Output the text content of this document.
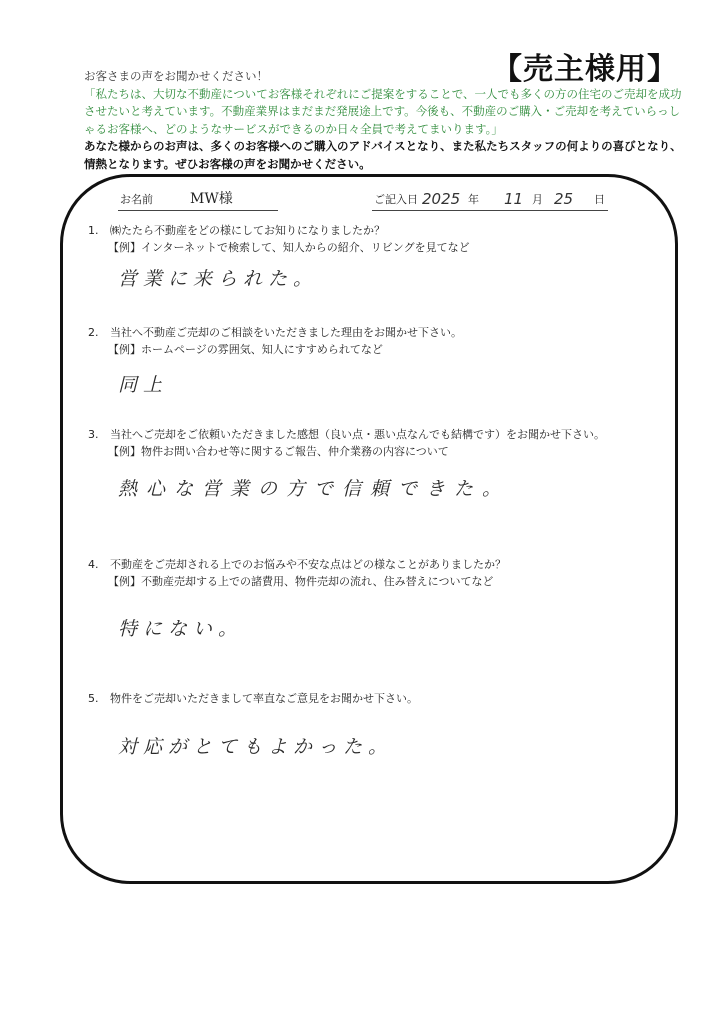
【売主様用】
お客さまの声をお聞かせください！
「私たちは、大切な不動産についてお客様それぞれにご提案をすることで、一人でも多くの方の住宅のご売却を成功させたいと考えています。不動産業界はまだまだ発展途上です。今後も、不動産のご購入・ご売却を考えていらっしゃるお客様へ、どのようなサービスができるのか日々全員で考えてまいります。」
あなた様からのお声は、多くのお客様へのご購入のアドバイスとなり、また私たちスタッフの何よりの喜びとなり、情熱となります。ぜひお客様の声をお聞かせください。
お名前	MW様	ご記入日 2025 年 11 月 25 日
1. ㈱たたら不動産をどの様にしてお知りになりましたか？
【例】インターネットで検索して、知人からの紹介、リビングを見てなど
営業に来られた。
2. 当社へ不動産ご売却のご相談をいただきました理由をお聞かせ下さい。
【例】ホームページの雰囲気、知人にすすめられてなど
同上
3. 当社へご売却をご依頼いただきました感想（良い点・悪い点なんでも結構です）をお聞かせ下さい。
【例】物件お問い合わせ等に関するご報告、仲介業務の内容について
熱心な営業の方で信頼できた。
4. 不動産をご売却される上でのお悩みや不安な点はどの様なことがありましたか？
【例】不動産売却する上での諸費用、物件売却の流れ、住み替えについてなど
特にない。
5. 物件をご売却いただきまして率直なご意見をお聞かせ下さい。
対応がとてもよかった。
